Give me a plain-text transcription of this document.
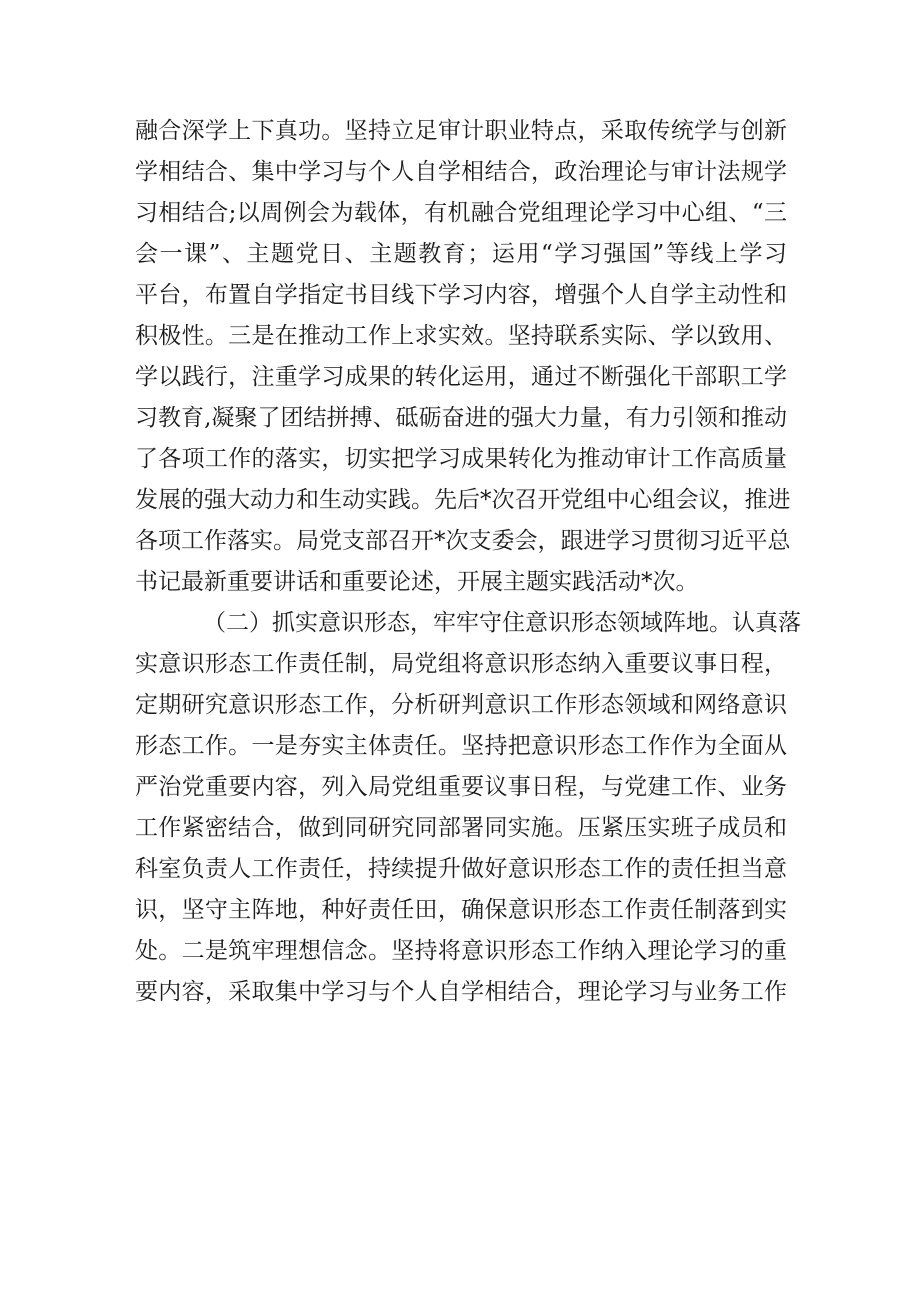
融合深学上下真功。坚持立足审计职业特点，采取传统学与创新
学相结合、集中学习与个人自学相结合，政治理论与审计法规学
习相结合;以周例会为载体，有机融合党组理论学习中心组、“三
会一课”、主题党日、主题教育；运用“学习强国”等线上学习
平台，布置自学指定书目线下学习内容，增强个人自学主动性和
积极性。三是在推动工作上求实效。坚持联系实际、学以致用、
学以践行，注重学习成果的转化运用，通过不断强化干部职工学
习教育,凝聚了团结拼搏、砥砺奋进的强大力量，有力引领和推动
了各项工作的落实，切实把学习成果转化为推动审计工作高质量
发展的强大动力和生动实践。先后*次召开党组中心组会议，推进
各项工作落实。局党支部召开*次支委会，跟进学习贯彻习近平总
书记最新重要讲话和重要论述，开展主题实践活动*次。
（二）抓实意识形态，牢牢守住意识形态领域阵地。认真落
实意识形态工作责任制，局党组将意识形态纳入重要议事日程，
定期研究意识形态工作，分析研判意识工作形态领域和网络意识
形态工作。一是夯实主体责任。坚持把意识形态工作作为全面从
严治党重要内容，列入局党组重要议事日程，与党建工作、业务
工作紧密结合，做到同研究同部署同实施。压紧压实班子成员和
科室负责人工作责任，持续提升做好意识形态工作的责任担当意
识，坚守主阵地，种好责任田，确保意识形态工作责任制落到实
处。二是筑牢理想信念。坚持将意识形态工作纳入理论学习的重
要内容，采取集中学习与个人自学相结合，理论学习与业务工作
